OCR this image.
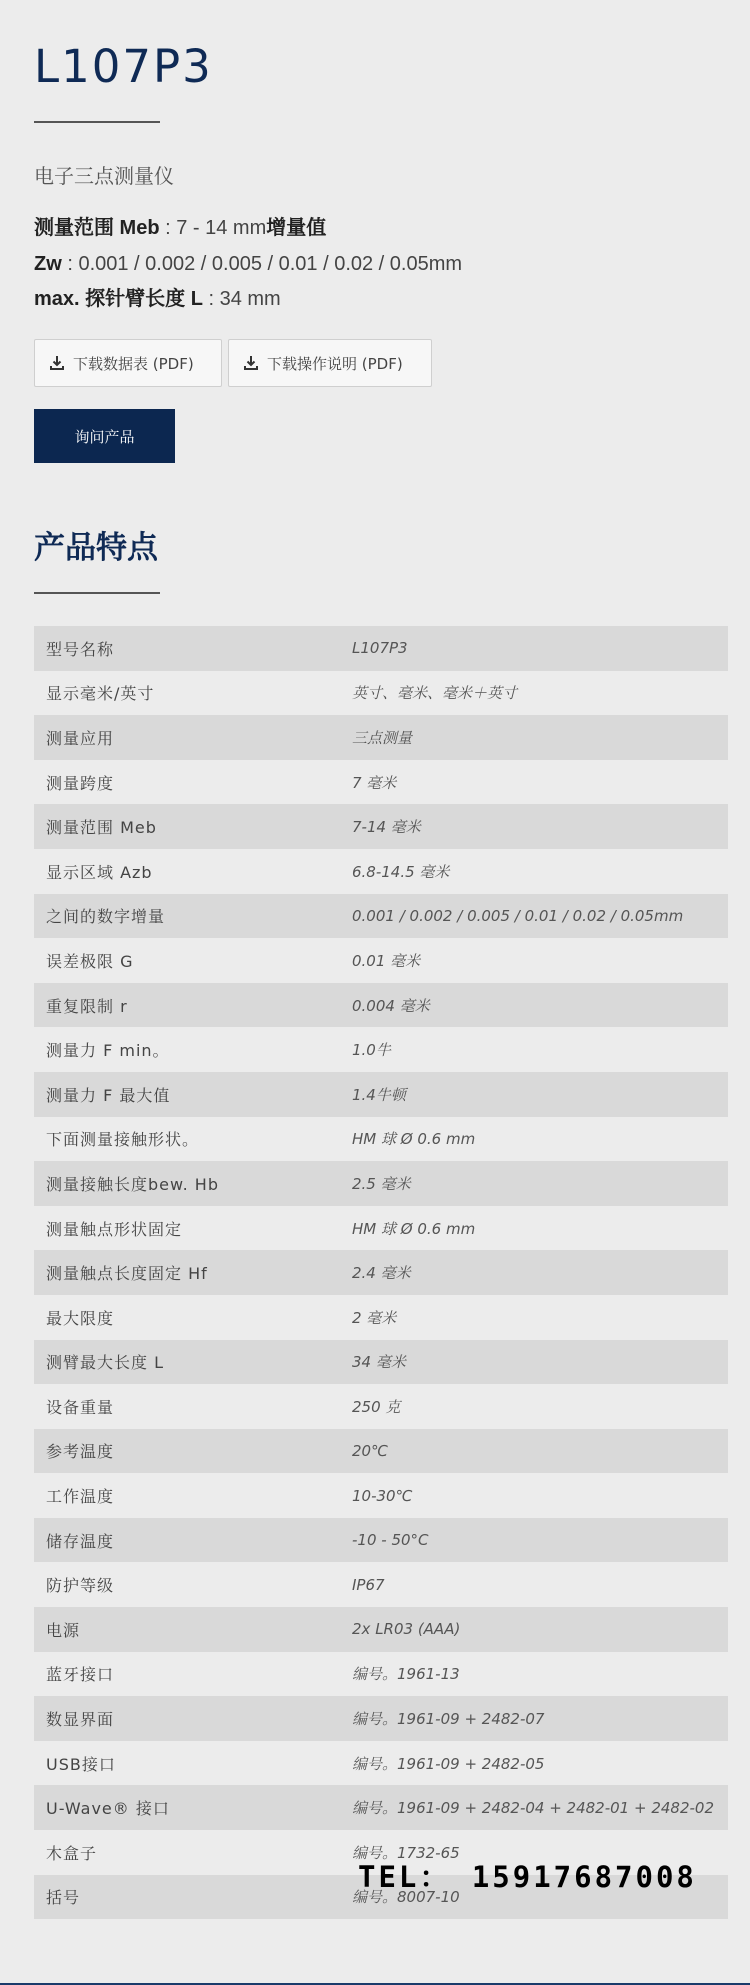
L107P3
电子三点测量仪
测量范围 Meb : 7 - 14 mm增量值
Zw : 0.001 / 0.002 / 0.005 / 0.01 / 0.02 / 0.05mm
max. 探针臂长度 L : 34 mm
下载数据表 (PDF)	下载操作说明 (PDF)
询问产品
产品特点
型号名称	L107P3
显示毫米/英寸	英寸、毫米、毫米＋英寸
测量应用	三点测量
测量跨度	7 毫米
测量范围 Meb	7-14 毫米
显示区域 Azb	6.8-14.5 毫米
之间的数字增量	0.001 / 0.002 / 0.005 / 0.01 / 0.02 / 0.05mm
误差极限 G	0.01 毫米
重复限制 r	0.004 毫米
测量力 F min。	1.0牛
测量力 F 最大值	1.4牛顿
下面测量接触形状。	HM 球 Ø 0.6 mm
测量接触长度bew. Hb	2.5 毫米
测量触点形状固定	HM 球 Ø 0.6 mm
测量触点长度固定 Hf	2.4 毫米
最大限度	2 毫米
测臂最大长度 L	34 毫米
设备重量	250 克
参考温度	20℃
工作温度	10-30℃
储存温度	-10 - 50°C
防护等级	IP67
电源	2x LR03 (AAA)
蓝牙接口	编号。1961-13
数显界面	编号。1961-09 + 2482-07
USB接口	编号。1961-09 + 2482-05
U-Wave® 接口	编号。1961-09 + 2482-04 + 2482-01 + 2482-02
木盒子	编号。1732-65
括号	编号。8007-10
TEL： 15917687008
